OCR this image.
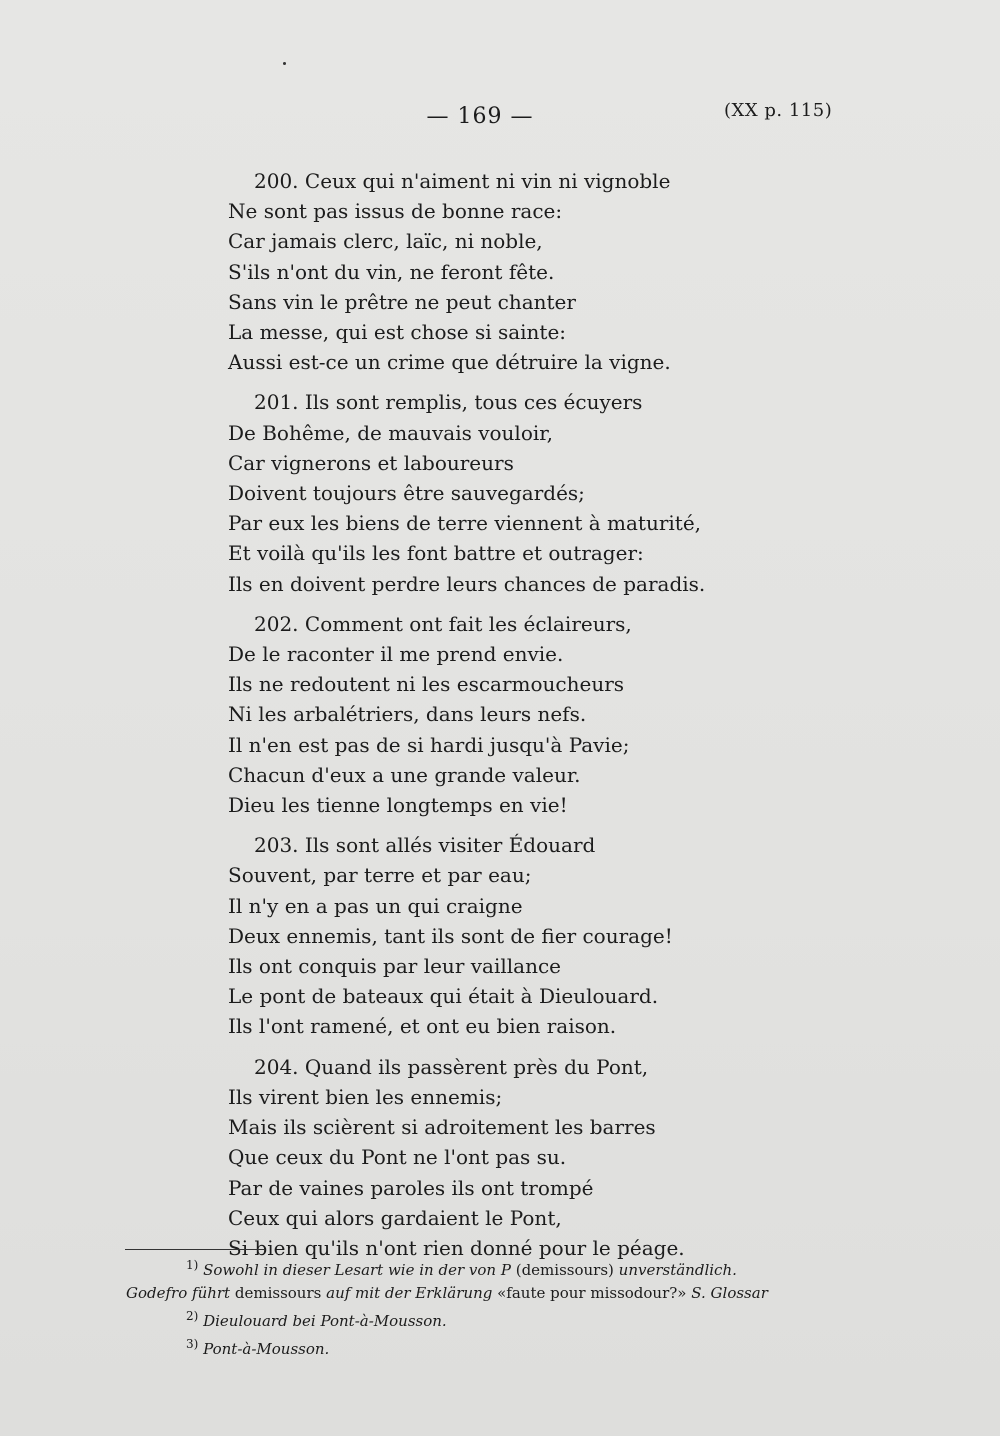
— 169 —	(XX p. 115)
200. Ceux qui n'aiment ni vin ni vignoble
Ne sont pas issus de bonne race:
Car jamais clerc, laïc, ni noble,
S'ils n'ont du vin, ne feront fête.
Sans vin le prêtre ne peut chanter
La messe, qui est chose si sainte:
Aussi est-ce un crime que détruire la vigne.
201. Ils sont remplis, tous ces écuyers
De Bohême, de mauvais vouloir,
Car vignerons et laboureurs
Doivent toujours être sauvegardés;
Par eux les biens de terre viennent à maturité,
Et voilà qu'ils les font battre et outrager:
Ils en doivent perdre leurs chances de paradis.
202. Comment ont fait les éclaireurs,
De le raconter il me prend envie.
Ils ne redoutent ni les escarmoucheurs
Ni les arbalétriers, dans leurs nefs.
Il n'en est pas de si hardi jusqu'à Pavie;
Chacun d'eux a une grande valeur.
Dieu les tienne longtemps en vie!
203. Ils sont allés visiter Édouard
Souvent, par terre et par eau;
Il n'y en a pas un qui craigne
Deux ennemis, tant ils sont de fier courage!
Ils ont conquis par leur vaillance
Le pont de bateaux qui était à Dieulouard.
Ils l'ont ramené, et ont eu bien raison.
204. Quand ils passèrent près du Pont,
Ils virent bien les ennemis;
Mais ils scièrent si adroitement les barres
Que ceux du Pont ne l'ont pas su.
Par de vaines paroles ils ont trompé
Ceux qui alors gardaient le Pont,
Si bien qu'ils n'ont rien donné pour le péage.
$^{1)}$ Sowohl in dieser Lesart wie in der von P (demissours) unverständlich.
Godefro führt demissours auf mit der Erklärung «faute pour missodour?» S. Glossar
$^{2)}$ Dieulouard bei Pont-à-Mousson.
$^{3)}$ Pont-à-Mousson.
